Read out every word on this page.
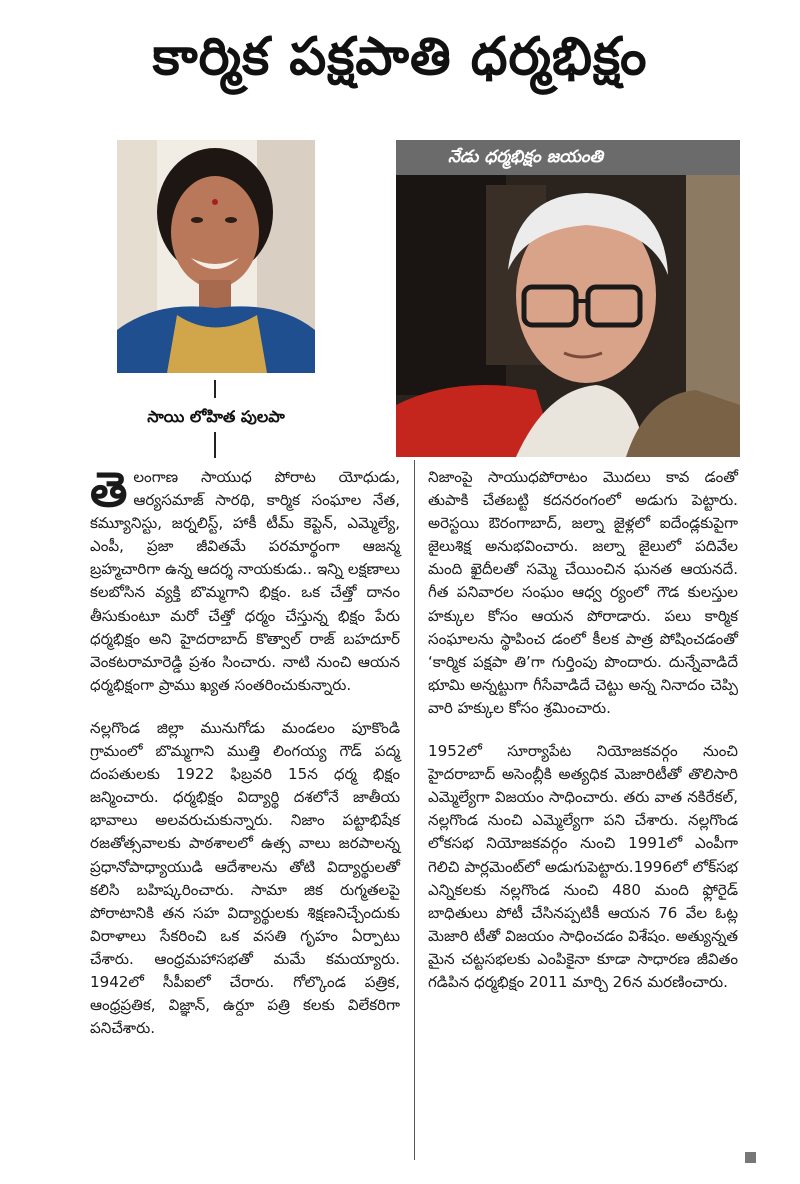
కార్మిక పక్షపాతి ధర్మభిక్షం
సాయి లోహిత పులపా
నేడు ధర్మభిక్షం జయంతి

తెలంగాణ సాయుధ పోరాట యోధుడు, ఆర్యసమాజ్ సారథి, కార్మిక సంఘాల నేత, కమ్యూనిస్టు, జర్నలిస్ట్, హాకీ టీమ్ కెప్టెన్, ఎమ్మెల్యే, ఎంపీ, ప్రజా జీవితమే పరమార్థంగా ఆజన్మ బ్రహ్మచారిగా ఉన్న ఆదర్శ నాయకుడు.. ఇన్ని లక్షణాలు కలబోసిన వ్యక్తి బొమ్మగాని భిక్షం. ఒక చేత్తో దానం తీసుకుంటూ మరో చేత్తో ధర్మం చేస్తున్న భిక్షం పేరు ధర్మభిక్షం అని హైదరాబాద్ కొత్వాల్ రాజ్ బహదూర్ వెంకటరామారెడ్డి ప్రశం సించారు. నాటి నుంచి ఆయన ధర్మభిక్షంగా ప్రాము ఖ్యత సంతరించుకున్నారు.

నల్లగొండ జిల్లా మునుగోడు మండలం పూకొండి గ్రామంలో బొమ్మగాని ముత్తి లింగయ్య గౌడ్ పద్మ దంపతులకు 1922 ఫిబ్రవరి 15న ధర్మ భిక్షం జన్మించారు. ధర్మభిక్షం విద్యార్థి దశలోనే జాతీయ భావాలు అలవరుచుకున్నారు. నిజాం పట్టాభిషేక రజతోత్సవాలకు పాఠశాలలో ఉత్స వాలు జరపాలన్న ప్రధానోపాధ్యాయుడి ఆదేశాలను తోటి విద్యార్థులతో కలిసి బహిష్కరించారు. సామా జిక రుగ్మతలపై పోరాటానికి తన సహ విద్యార్థులకు శిక్షణనిచ్చేందుకు విరాళాలు సేకరించి ఒక వసతి గృహం ఏర్పాటు చేశారు. ఆంధ్రమహాసభతో మమే కమయ్యారు. 1942లో సీపీఐలో చేరారు. గోల్కొండ పత్రిక, ఆంధ్రప్రతిక, విజ్ఞాన్, ఉర్దూ పత్రి కలకు విలేకరిగా పనిచేశారు.

నిజాంపై సాయుధపోరాటం మొదలు కావ డంతో తుపాకి చేతబట్టి కదనరంగంలో అడుగు పెట్టారు. అరెస్టయి ఔరంగాబాద్, జల్నా జైళ్లలో ఐదేండ్లకుపైగా జైలుశిక్ష అనుభవించారు. జల్నా జైలులో పదివేల మంది ఖైదీలతో సమ్మె చేయించిన ఘనత ఆయనదే. గీత పనివారల సంఘం ఆధ్వ ర్యంలో గౌడ కులస్తుల హక్కుల కోసం ఆయన పోరాడారు. పలు కార్మిక సంఘాలను స్థాపించ డంలో కీలక పాత్ర పోషించడంతో ‘కార్మిక పక్షపా తి’గా గుర్తింపు పొందారు. దున్నేవాడిదే భూమి అన్నట్టుగా గీసేవాడిదే చెట్టు అన్న నినాదం చెప్పి వారి హక్కుల కోసం శ్రమించారు.

1952లో సూర్యాపేట నియోజకవర్గం నుంచి హైదరాబాద్ అసెంబ్లీకి అత్యధిక మెజారిటీతో తొలిసారి ఎమ్మెల్యేగా విజయం సాధించారు. తరు వాత నకిరేకల్, నల్లగొండ నుంచి ఎమ్మెల్యేగా పని చేశారు. నల్లగొండ లోకసభ నియోజకవర్గం నుంచి 1991లో ఎంపీగా గెలిచి పార్లమెంట్‌లో అడుగుపెట్టారు.1996లో లోక్‌సభ ఎన్నికలకు నల్లగొండ నుంచి 480 మంది ఫ్లోరైడ్ బాధితులు పోటీ చేసినప్పటికీ ఆయన 76 వేల ఓట్ల మెజారి టీతో విజయం సాధించడం విశేషం. అత్యున్నత మైన చట్టసభలకు ఎంపికైనా కూడా సాధారణ జీవితం గడిపిన ధర్మభిక్షం 2011 మార్చి 26న మరణించారు.
